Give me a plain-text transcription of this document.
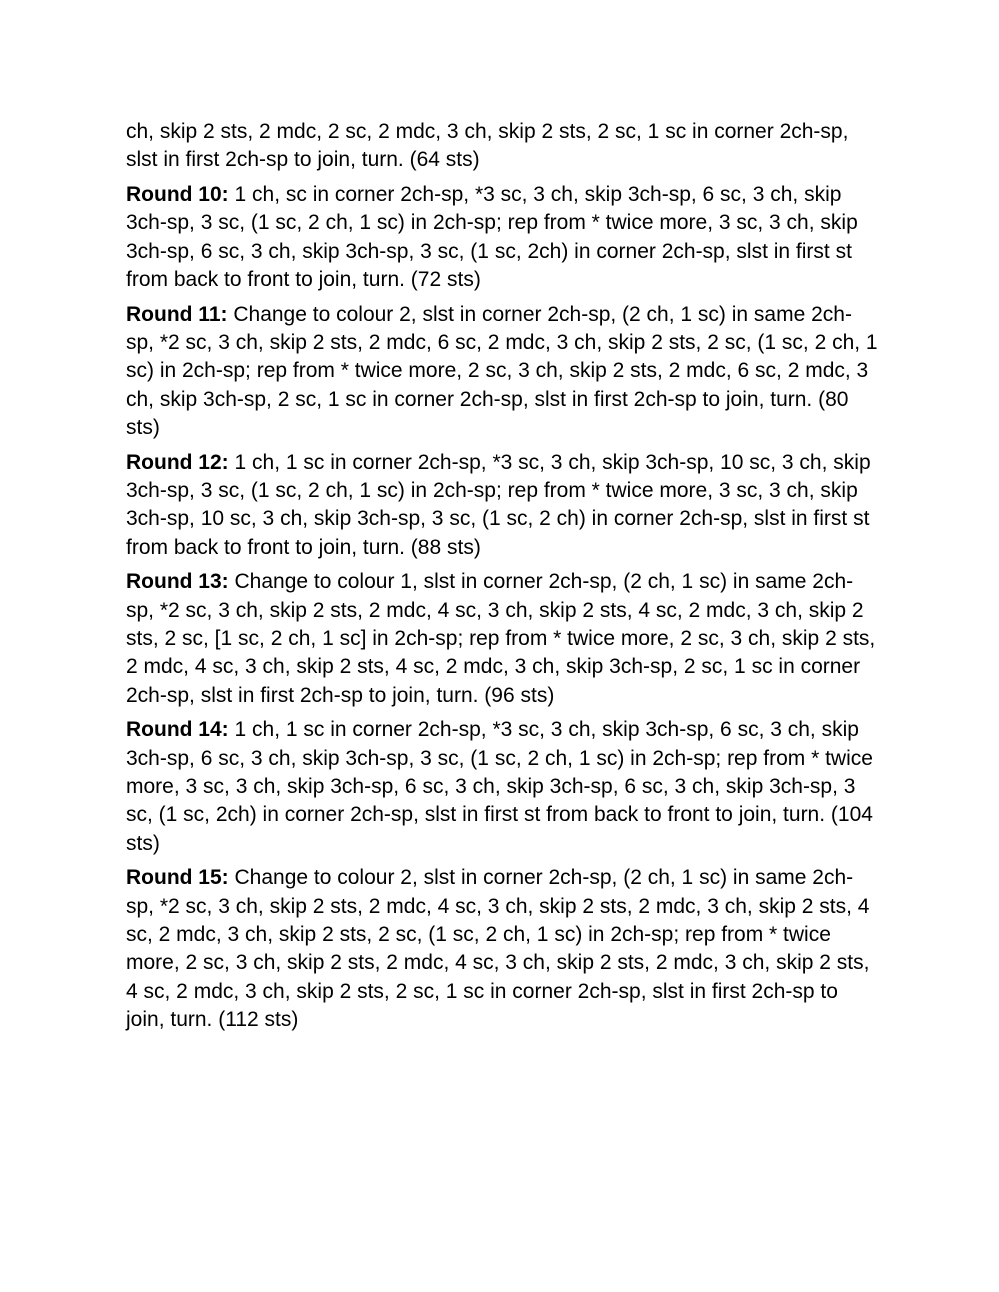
ch, skip 2 sts, 2 mdc, 2 sc, 2 mdc, 3 ch, skip 2 sts, 2 sc, 1 sc in corner 2ch-sp, slst in first 2ch-sp to join, turn. (64 sts)

Round 10: 1 ch, sc in corner 2ch-sp, *3 sc, 3 ch, skip 3ch-sp, 6 sc, 3 ch, skip 3ch-sp, 3 sc, (1 sc, 2 ch, 1 sc) in 2ch-sp; rep from * twice more, 3 sc, 3 ch, skip 3ch-sp, 6 sc, 3 ch, skip 3ch-sp, 3 sc, (1 sc, 2ch) in corner 2ch-sp, slst in first st from back to front to join, turn. (72 sts)

Round 11: Change to colour 2, slst in corner 2ch-sp, (2 ch, 1 sc) in same 2ch-sp, *2 sc, 3 ch, skip 2 sts, 2 mdc, 6 sc, 2 mdc, 3 ch, skip 2 sts, 2 sc, (1 sc, 2 ch, 1 sc) in 2ch-sp; rep from * twice more, 2 sc, 3 ch, skip 2 sts, 2 mdc, 6 sc, 2 mdc, 3 ch, skip 3ch-sp, 2 sc, 1 sc in corner 2ch-sp, slst in first 2ch-sp to join, turn. (80 sts)

Round 12: 1 ch, 1 sc in corner 2ch-sp, *3 sc, 3 ch, skip 3ch-sp, 10 sc, 3 ch, skip 3ch-sp, 3 sc, (1 sc, 2 ch, 1 sc) in 2ch-sp; rep from * twice more, 3 sc, 3 ch, skip 3ch-sp, 10 sc, 3 ch, skip 3ch-sp, 3 sc, (1 sc, 2 ch) in corner 2ch-sp, slst in first st from back to front to join, turn. (88 sts)

Round 13: Change to colour 1, slst in corner 2ch-sp, (2 ch, 1 sc) in same 2ch-sp, *2 sc, 3 ch, skip 2 sts, 2 mdc, 4 sc, 3 ch, skip 2 sts, 4 sc, 2 mdc, 3 ch, skip 2 sts, 2 sc, [1 sc, 2 ch, 1 sc] in 2ch-sp; rep from * twice more, 2 sc, 3 ch, skip 2 sts, 2 mdc, 4 sc, 3 ch, skip 2 sts, 4 sc, 2 mdc, 3 ch, skip 3ch-sp, 2 sc, 1 sc in corner 2ch-sp, slst in first 2ch-sp to join, turn. (96 sts)

Round 14: 1 ch, 1 sc in corner 2ch-sp, *3 sc, 3 ch, skip 3ch-sp, 6 sc, 3 ch, skip 3ch-sp, 6 sc, 3 ch, skip 3ch-sp, 3 sc, (1 sc, 2 ch, 1 sc) in 2ch-sp; rep from * twice more, 3 sc, 3 ch, skip 3ch-sp, 6 sc, 3 ch, skip 3ch-sp, 6 sc, 3 ch, skip 3ch-sp, 3 sc, (1 sc, 2ch) in corner 2ch-sp, slst in first st from back to front to join, turn. (104 sts)

Round 15: Change to colour 2, slst in corner 2ch-sp, (2 ch, 1 sc) in same 2ch-sp, *2 sc, 3 ch, skip 2 sts, 2 mdc, 4 sc, 3 ch, skip 2 sts, 2 mdc, 3 ch, skip 2 sts, 4 sc, 2 mdc, 3 ch, skip 2 sts, 2 sc, (1 sc, 2 ch, 1 sc) in 2ch-sp; rep from * twice more, 2 sc, 3 ch, skip 2 sts, 2 mdc, 4 sc, 3 ch, skip 2 sts, 2 mdc, 3 ch, skip 2 sts, 4 sc, 2 mdc, 3 ch, skip 2 sts, 2 sc, 1 sc in corner 2ch-sp, slst in first 2ch-sp to join, turn. (112 sts)
